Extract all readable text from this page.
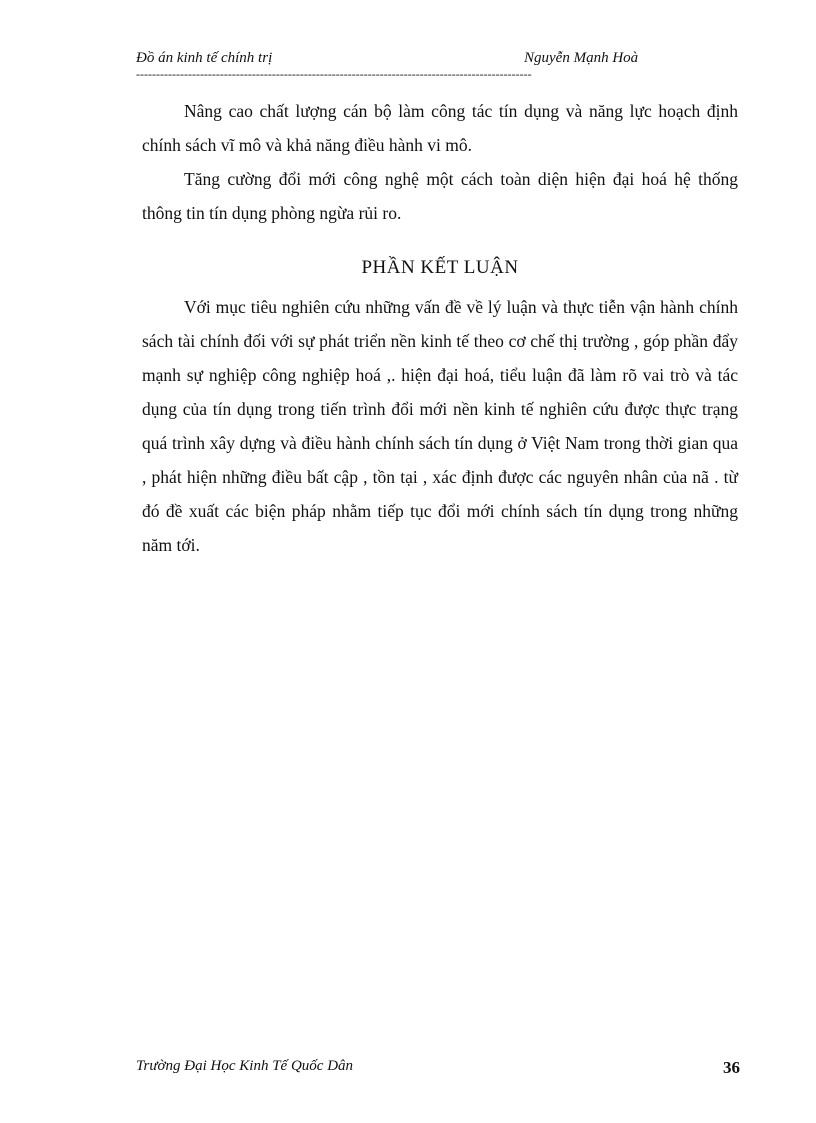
Đồ án kinh tế chính trị	Nguyễn Mạnh Hoà
---------------------------------------------------------------------------------------------------

Nâng cao chất lượng cán bộ làm công tác tín dụng và năng lực hoạch định chính sách vĩ mô và khả năng điều hành vi mô.

Tăng cường đổi mới công nghệ một cách toàn diện hiện đại hoá hệ thống thông tin tín dụng phòng ngừa rủi ro.

PHẦN KẾT LUẬN

Với mục tiêu nghiên cứu những vấn đề về lý luận và thực tiễn vận hành chính sách tài chính đối với sự phát triển nền kinh tế theo cơ chế thị trường , góp phần đẩy mạnh sự nghiệp công nghiệp hoá ,. hiện đại hoá, tiểu luận đã làm rõ vai trò và tác dụng của tín dụng trong tiến trình đổi mới nền kinh tế nghiên cứu được thực trạng quá trình xây dựng và điều hành chính sách tín dụng ở Việt Nam trong thời gian qua , phát hiện những điều bất cập , tồn tại , xác định được các nguyên nhân của nã . từ đó đề xuất các biện pháp nhằm tiếp tục đổi mới chính sách tín dụng trong những năm tới.

Trường Đại Học Kinh Tế Quốc Dân	36
